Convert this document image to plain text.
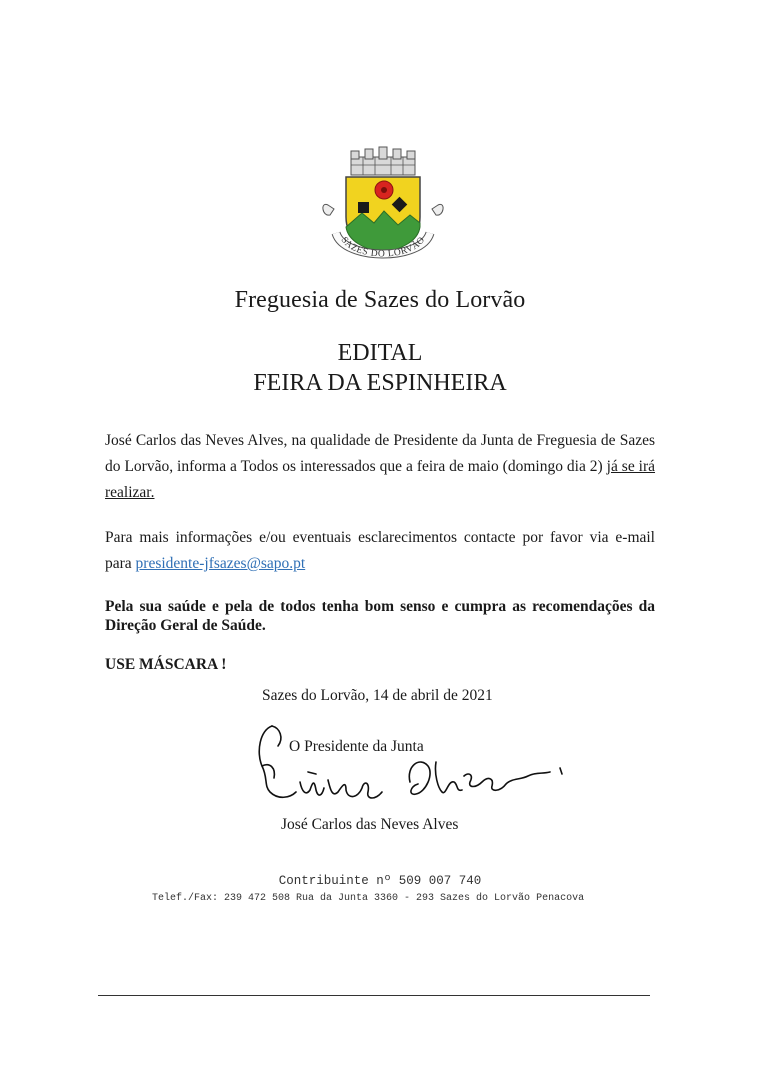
SAZES DO LORVÃO
Freguesia de Sazes do Lorvão
EDITAL
FEIRA DA ESPINHEIRA
José Carlos das Neves Alves, na qualidade de Presidente da Junta de Freguesia de Sazes do Lorvão, informa a Todos os interessados que a feira de maio (domingo dia 2) já se irá realizar.
Para mais informações e/ou eventuais esclarecimentos contacte por favor via e-mail para presidente-jfsazes@sapo.pt
Pela sua saúde e pela de todos tenha bom senso e cumpra as recomendações da Direção Geral de Saúde.
USE MÁSCARA !
Sazes do Lorvão, 14 de abril de 2021
O Presidente da Junta
José Carlos das Neves Alves
Contribuinte nº 509 007 740
Telef./Fax: 239 472 508 Rua da Junta 3360 - 293 Sazes do Lorvão Penacova
